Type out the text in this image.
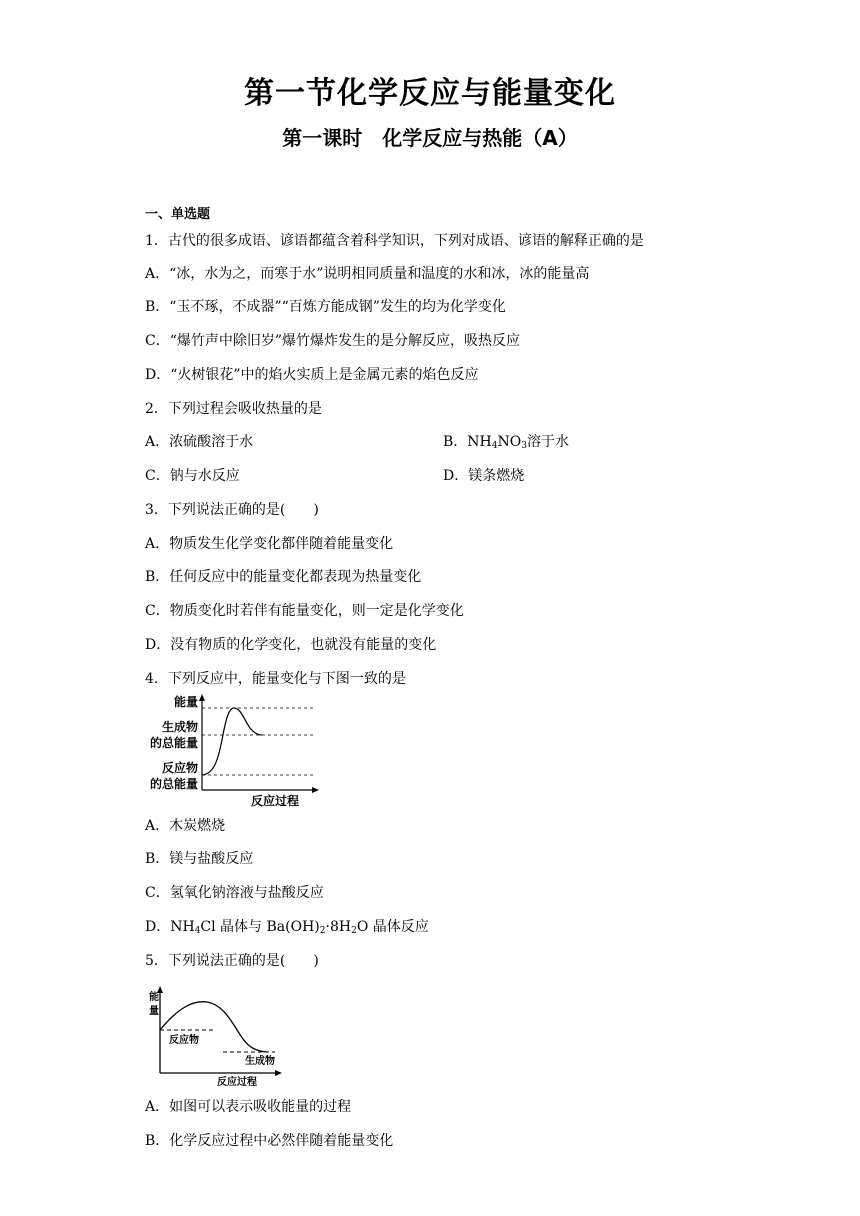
第一节化学反应与能量变化
第一课时　化学反应与热能（A）
一、单选题
1．古代的很多成语、谚语都蕴含着科学知识，下列对成语、谚语的解释正确的是
A．“冰，水为之，而寒于水”说明相同质量和温度的水和冰，冰的能量高
B．“玉不琢，不成器”“百炼方能成钢”发生的均为化学变化
C．“爆竹声中除旧岁”爆竹爆炸发生的是分解反应，吸热反应
D．“火树银花”中的焰火实质上是金属元素的焰色反应
2．下列过程会吸收热量的是
A．浓硫酸溶于水	B．$NH_4NO_3$溶于水
C．钠与水反应	D．镁条燃烧
3．下列说法正确的是(　　)
A．物质发生化学变化都伴随着能量变化
B．任何反应中的能量变化都表现为热量变化
C．物质变化时若伴有能量变化，则一定是化学变化
D．没有物质的化学变化，也就没有能量的变化
4．下列反应中，能量变化与下图一致的是
能量
生成物
的总能量
反应物
的总能量
反应过程
A．木炭燃烧
B．镁与盐酸反应
C．氢氧化钠溶液与盐酸反应
D．$NH_4Cl$ 晶体与 $Ba(OH)_2\cdot 8H_2O$ 晶体反应
5．下列说法正确的是(　　)
能
量
反应物
生成物
反应过程
A．如图可以表示吸收能量的过程
B．化学反应过程中必然伴随着能量变化
